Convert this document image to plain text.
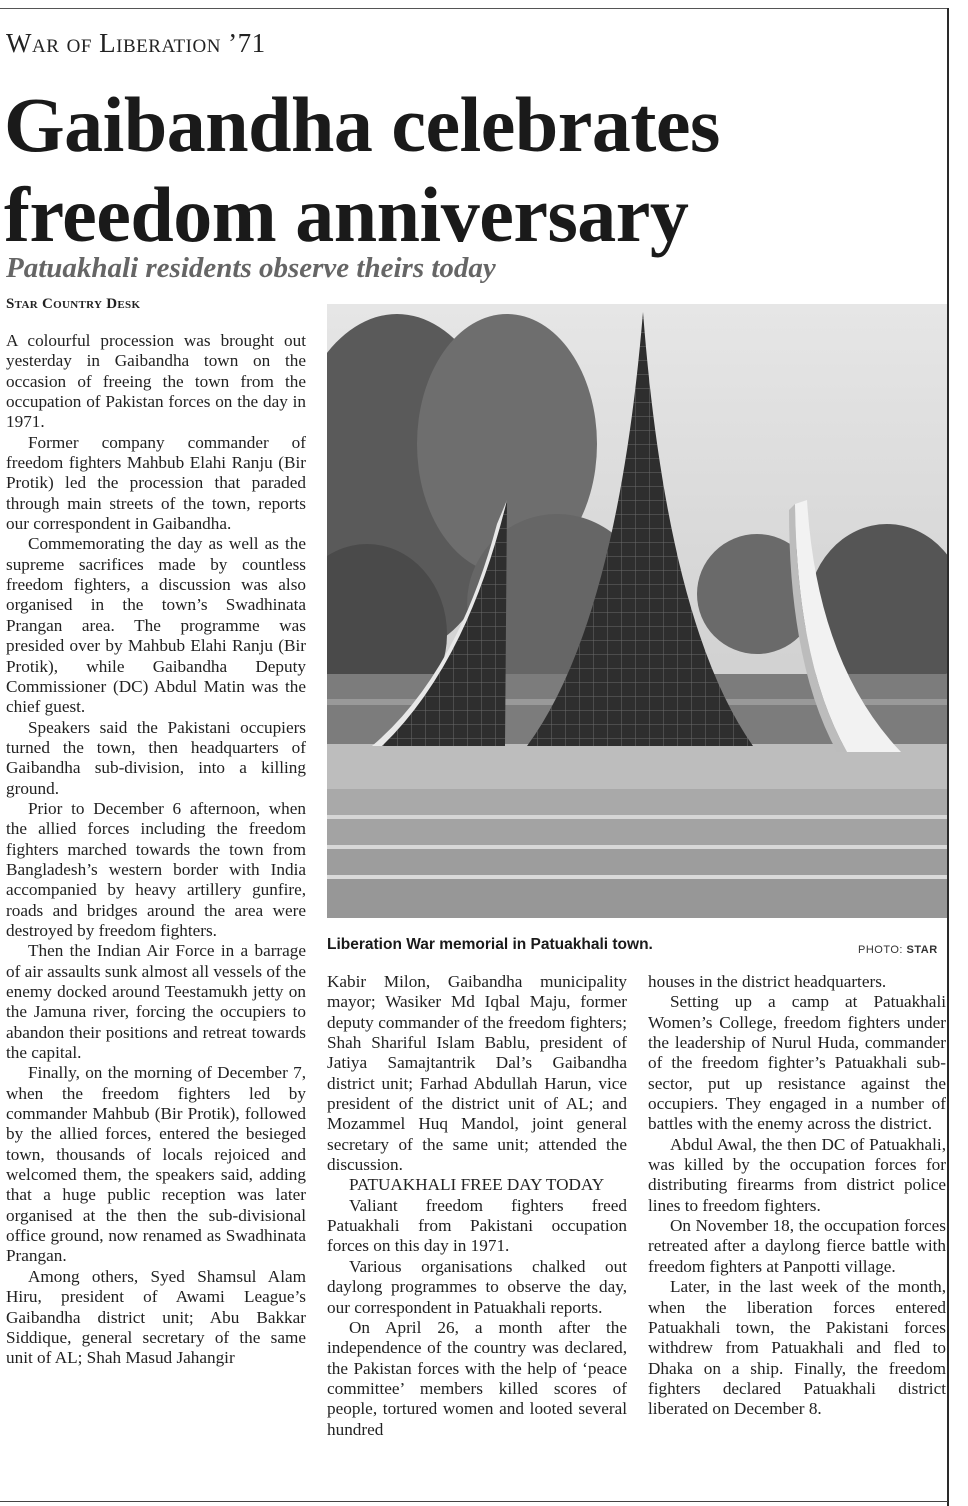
War of Liberation ’71
Gaibandha celebrates freedom anniversary
Patuakhali residents observe theirs today
Star Country Desk

A colourful procession was brought out yesterday in Gaibandha town on the occasion of freeing the town from the occupation of Pakistan forces on the day in 1971.

Former company commander of freedom fighters Mahbub Elahi Ranju (Bir Protik) led the procession that paraded through main streets of the town, reports our correspondent in Gaibandha.

Commemorating the day as well as the supreme sacrifices made by countless freedom fighters, a discussion was also organised in the town’s Swadhinata Prangan area. The programme was presided over by Mahbub Elahi Ranju (Bir Protik), while Gaibandha Deputy Commissioner (DC) Abdul Matin was the chief guest.

Speakers said the Pakistani occupiers turned the town, then headquarters of Gaibandha sub-division, into a killing ground.

Prior to December 6 afternoon, when the allied forces including the freedom fighters marched towards the town from Bangladesh’s western border with India accompanied by heavy artillery gunfire, roads and bridges around the area were destroyed by freedom fighters.

Then the Indian Air Force in a barrage of air assaults sunk almost all vessels of the enemy docked around Teestamukh jetty on the Jamuna river, forcing the occupiers to abandon their positions and retreat towards the capital.

Finally, on the morning of December 7, when the freedom fighters led by commander Mahbub (Bir Protik), followed by the allied forces, entered the besieged town, thousands of locals rejoiced and welcomed them, the speakers said, adding that a huge public reception was later organised at the then the sub-divisional office ground, now renamed as Swadhinata Prangan.

Among others, Syed Shamsul Alam Hiru, president of Awami League’s Gaibandha district unit; Abu Bakkar Siddique, general secretary of the same unit of AL; Shah Masud Jahangir

Liberation War memorial in Patuakhali town.	PHOTO: STAR

Kabir Milon, Gaibandha municipality mayor; Wasiker Md Iqbal Maju, former deputy commander of the freedom fighters; Shah Shariful Islam Bablu, president of Jatiya Samajtantrik Dal’s Gaibandha district unit; Farhad Abdullah Harun, vice president of the district unit of AL; and Mozammel Huq Mandol, joint general secretary of the same unit; attended the discussion.

PATUAKHALI FREE DAY TODAY

Valiant freedom fighters freed Patuakhali from Pakistani occupation forces on this day in 1971.

Various organisations chalked out daylong programmes to observe the day, our correspondent in Patuakhali reports.

On April 26, a month after the independence of the country was declared, the Pakistan forces with the help of ‘peace committee’ members killed scores of people, tortured women and looted several hundred

houses in the district headquarters.

Setting up a camp at Patuakhali Women’s College, freedom fighters under the leadership of Nurul Huda, commander of the freedom fighter’s Patuakhali sub-sector, put up resistance against the occupiers. They engaged in a number of battles with the enemy across the district.

Abdul Awal, the then DC of Patuakhali, was killed by the occupation forces for distributing firearms from district police lines to freedom fighters.

On November 18, the occupation forces retreated after a daylong fierce battle with freedom fighters at Panpotti village.

Later, in the last week of the month, when the liberation forces entered Patuakhali town, the Pakistani forces withdrew from Patuakhali and fled to Dhaka on a ship. Finally, the freedom fighters declared Patuakhali district liberated on December 8.
